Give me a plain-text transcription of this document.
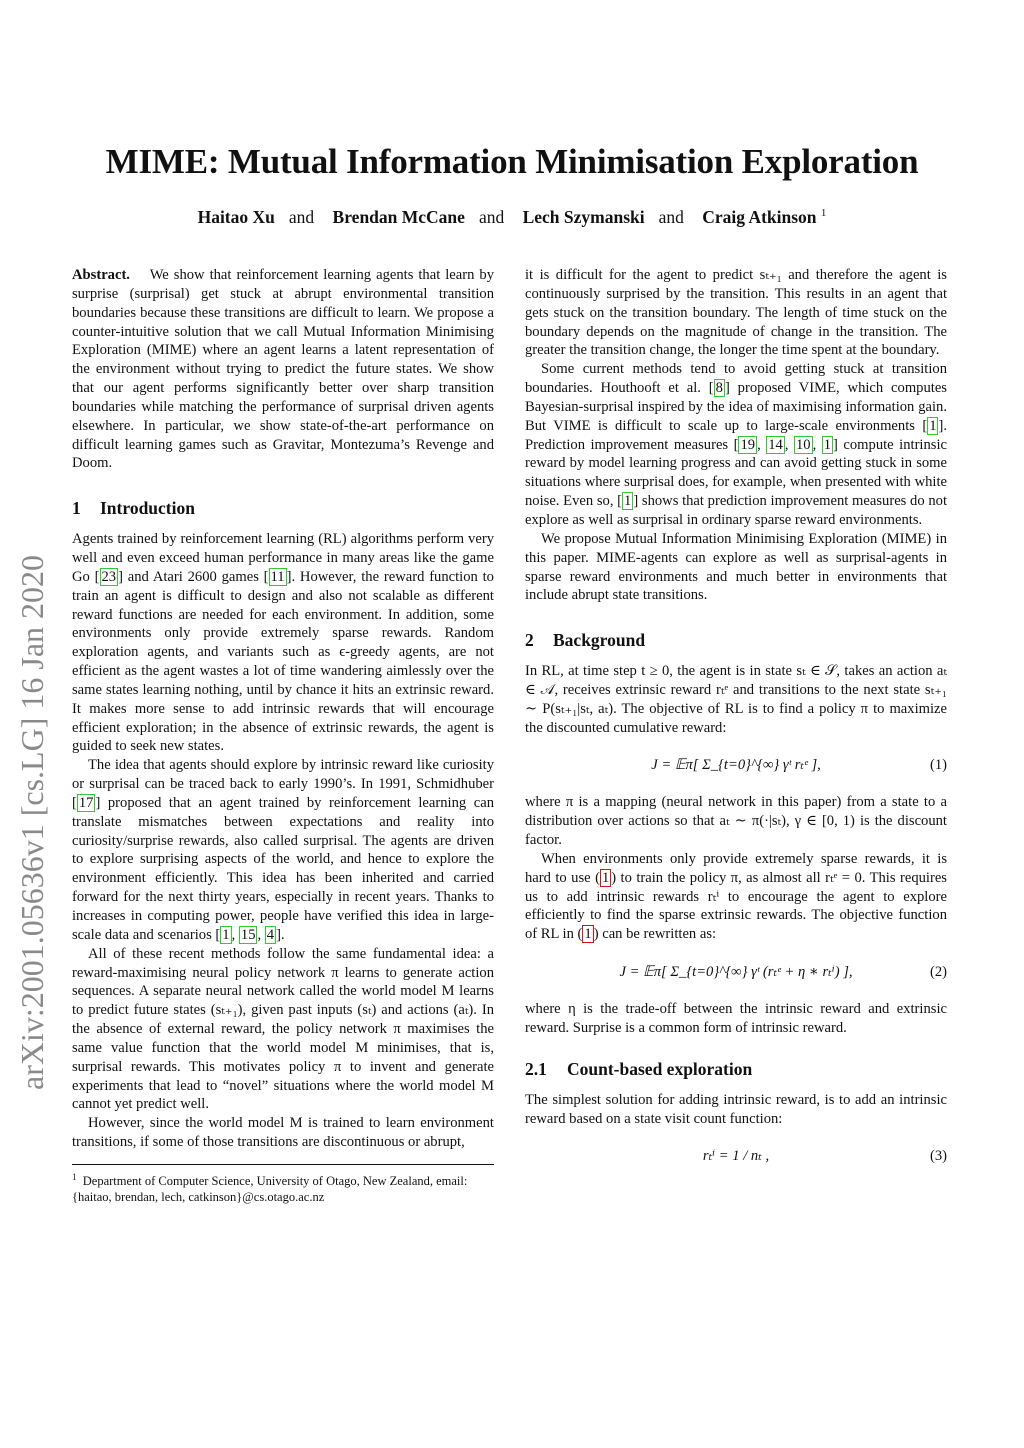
MIME: Mutual Information Minimisation Exploration
Haitao Xu and Brendan McCane and Lech Szymanski and Craig Atkinson $^1$
arXiv:2001.05636v1 [cs.LG] 16 Jan 2020

Abstract. We show that reinforcement learning agents that learn by surprise (surprisal) get stuck at abrupt environmental transition boundaries because these transitions are difficult to learn. We propose a counter-intuitive solution that we call Mutual Information Minimising Exploration (MIME) where an agent learns a latent representation of the environment without trying to predict the future states. We show that our agent performs significantly better over sharp transition boundaries while matching the performance of surprisal driven agents elsewhere. In particular, we show state-of-the-art performance on difficult learning games such as Gravitar, Montezuma’s Revenge and Doom.

1 Introduction

Agents trained by reinforcement learning (RL) algorithms perform very well and even exceed human performance in many areas like the game Go [ 23 ] and Atari 2600 games [ 11 ]. However, the reward function to train an agent is difficult to design and also not scalable as different reward functions are needed for each environment. In addition, some environments only provide extremely sparse rewards. Random exploration agents, and variants such as ϵ-greedy agents, are not efficient as the agent wastes a lot of time wandering aimlessly over the same states learning nothing, until by chance it hits an extrinsic reward. It makes more sense to add intrinsic rewards that will encourage efficient exploration; in the absence of extrinsic rewards, the agent is guided to seek new states.

The idea that agents should explore by intrinsic reward like curiosity or surprisal can be traced back to early 1990’s. In 1991, Schmidhuber [ 17 ] proposed that an agent trained by reinforcement learning can translate mismatches between expectations and reality into curiosity/surprise rewards, also called surprisal. The agents are driven to explore surprising aspects of the world, and hence to explore the environment efficiently. This idea has been inherited and carried forward for the next thirty years, especially in recent years. Thanks to increases in computing power, people have verified this idea in large-scale data and scenarios [ 1 , 15 , 4 ].

All of these recent methods follow the same fundamental idea: a reward-maximising neural policy network π learns to generate action sequences. A separate neural network called the world model M learns to predict future states (sₜ₊₁), given past inputs (sₜ) and actions (aₜ). In the absence of external reward, the policy network π maximises the same value function that the world model M minimises, that is, surprisal rewards. This motivates policy π to invent and generate experiments that lead to “novel” situations where the world model M cannot yet predict well.

However, since the world model M is trained to learn environment transitions, if some of those transitions are discontinuous or abrupt,

it is difficult for the agent to predict sₜ₊₁ and therefore the agent is continuously surprised by the transition. This results in an agent that gets stuck on the transition boundary. The length of time stuck on the boundary depends on the magnitude of change in the transition. The greater the transition change, the longer the time spent at the boundary.

Some current methods tend to avoid getting stuck at transition boundaries. Houthooft et al. [ 8 ] proposed VIME, which computes Bayesian-surprisal inspired by the idea of maximising information gain. But VIME is difficult to scale up to large-scale environments [ 1 ]. Prediction improvement measures [ 19 , 14 , 10 , 1 ] compute intrinsic reward by model learning progress and can avoid getting stuck in some situations where surprisal does, for example, when presented with white noise. Even so, [ 1 ] shows that prediction improvement measures do not explore as well as surprisal in ordinary sparse reward environments.

We propose Mutual Information Minimising Exploration (MIME) in this paper. MIME-agents can explore as well as surprisal-agents in sparse reward environments and much better in environments that include abrupt state transitions.

2 Background

In RL, at time step t ≥ 0, the agent is in state sₜ ∈ 𝒮, takes an action aₜ ∈ 𝒜, receives extrinsic reward rₜᵉ and transitions to the next state sₜ₊₁ ∼ P(sₜ₊₁|sₜ, aₜ). The objective of RL is to find a policy π to maximize the discounted cumulative reward:

J = 𝔼π[ Σ_{t=0}^{∞} γᵗ rₜᵉ ],	(1)

where π is a mapping (neural network in this paper) from a state to a distribution over actions so that aₜ ∼ π(·|sₜ), γ ∈ [0, 1) is the discount factor.

When environments only provide extremely sparse rewards, it is hard to use ( 1 ) to train the policy π, as almost all rₜᵉ = 0. This requires us to add intrinsic rewards rₜⁱ to encourage the agent to explore efficiently to find the sparse extrinsic rewards. The objective function of RL in ( 1 ) can be rewritten as:

J = 𝔼π[ Σ_{t=0}^{∞} γᵗ (rₜᵉ + η ∗ rₜⁱ) ],	(2)

where η is the trade-off between the intrinsic reward and extrinsic reward. Surprise is a common form of intrinsic reward.

2.1 Count-based exploration

The simplest solution for adding intrinsic reward, is to add an intrinsic reward based on a state visit count function:

rₜⁱ = 1 / nₜ ,	(3)
$^1$ Department of Computer Science, University of Otago, New Zealand, email: {haitao, brendan, lech, catkinson}@cs.otago.ac.nz
